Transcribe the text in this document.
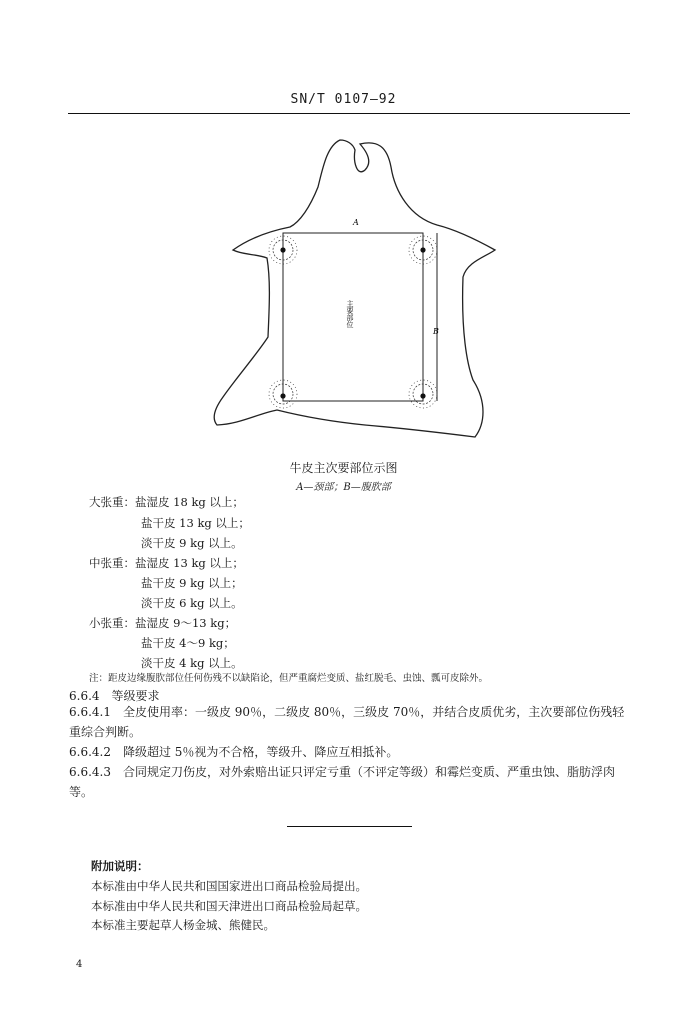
SN/T 0107—92
A
B
主要部位
牛皮主次要部位示图
A—颈部；B—腹肷部
大张重：盐湿皮 18 kg 以上；
盐干皮 13 kg 以上；
淡干皮 9 kg 以上。
中张重：盐湿皮 13 kg 以上；
盐干皮 9 kg 以上；
淡干皮 6 kg 以上。
小张重：盐湿皮 9～13 kg；
盐干皮 4～9 kg；
淡干皮 4 kg 以上。
注：距皮边缘腹肷部位任何伤残不以缺陷论，但严重腐烂变质、盐红脱毛、虫蚀、瓢可皮除外。
6.6.4　等级要求
6.6.4.1　全皮使用率：一级皮 90％，二级皮 80％，三级皮 70％，并结合皮质优劣，主次要部位伤残轻重综合判断。
6.6.4.2　降级超过 5％视为不合格，等级升、降应互相抵补。
6.6.4.3　合同规定刀伤皮，对外索赔出证只评定亏重（不评定等级）和霉烂变质、严重虫蚀、脂肪浮肉等。
附加说明：
本标准由中华人民共和国国家进出口商品检验局提出。
本标准由中华人民共和国天津进出口商品检验局起草。
本标准主要起草人杨金城、熊健民。
4
